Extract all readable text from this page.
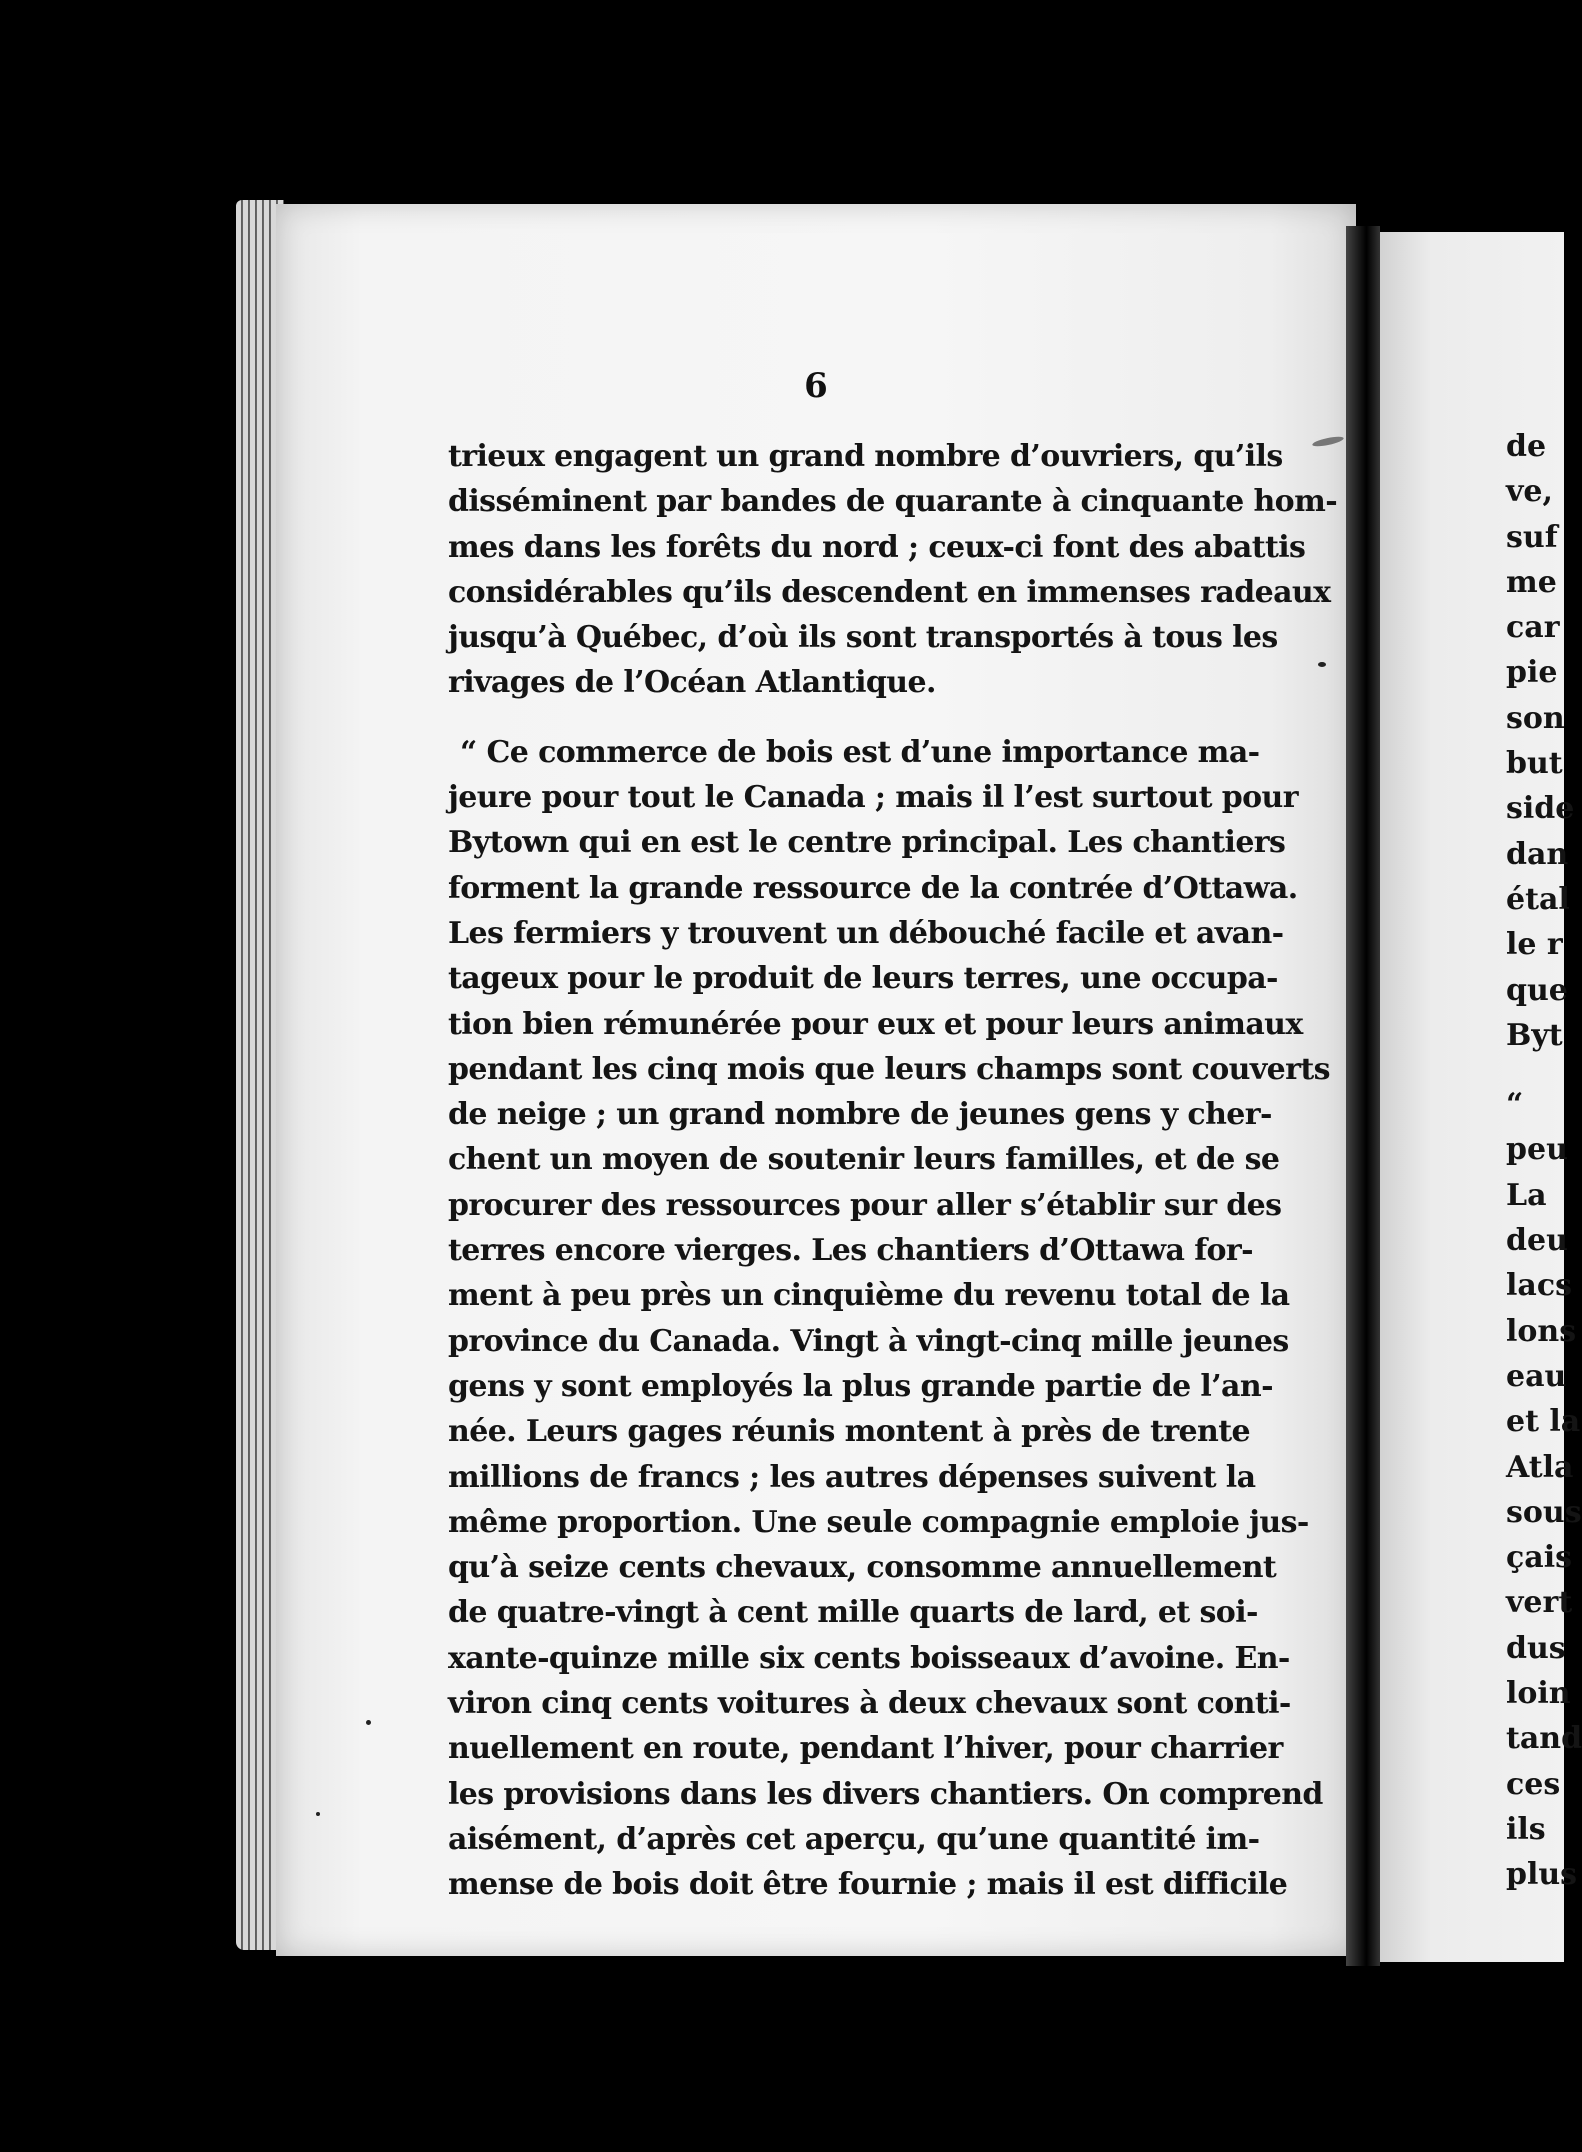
6
trieux engagent un grand nombre d’ouvriers, qu’ils
disséminent par bandes de quarante à cinquante hom-
mes dans les forêts du nord ; ceux-ci font des abattis
considérables qu’ils descendent en immenses radeaux
jusqu’à Québec, d’où ils sont transportés à tous les
rivages de l’Océan Atlantique.
“ Ce commerce de bois est d’une importance ma-
jeure pour tout le Canada ; mais il l’est surtout pour
Bytown qui en est le centre principal. Les chantiers
forment la grande ressource de la contrée d’Ottawa.
Les fermiers y trouvent un débouché facile et avan-
tageux pour le produit de leurs terres, une occupa-
tion bien rémunérée pour eux et pour leurs animaux
pendant les cinq mois que leurs champs sont couverts
de neige ; un grand nombre de jeunes gens y cher-
chent un moyen de soutenir leurs familles, et de se
procurer des ressources pour aller s’établir sur des
terres encore vierges. Les chantiers d’Ottawa for-
ment à peu près un cinquième du revenu total de la
province du Canada. Vingt à vingt-cinq mille jeunes
gens y sont employés la plus grande partie de l’an-
née. Leurs gages réunis montent à près de trente
millions de francs ; les autres dépenses suivent la
même proportion. Une seule compagnie emploie jus-
qu’à seize cents chevaux, consomme annuellement
de quatre-vingt à cent mille quarts de lard, et soi-
xante-quinze mille six cents boisseaux d’avoine. En-
viron cinq cents voitures à deux chevaux sont conti-
nuellement en route, pendant l’hiver, pour charrier
les provisions dans les divers chantiers. On comprend
aisément, d’après cet aperçu, qu’une quantité im-
mense de bois doit être fournie ; mais il est difficile
de
ve,
suf
me
car
pie
son
but
side
dan
étal
le r
que
Byt
“
peu
La
deu
lacs
lons
eau
et la
Atla
sous
çais
vert
dus
loin
tand
ces
ils
plus
